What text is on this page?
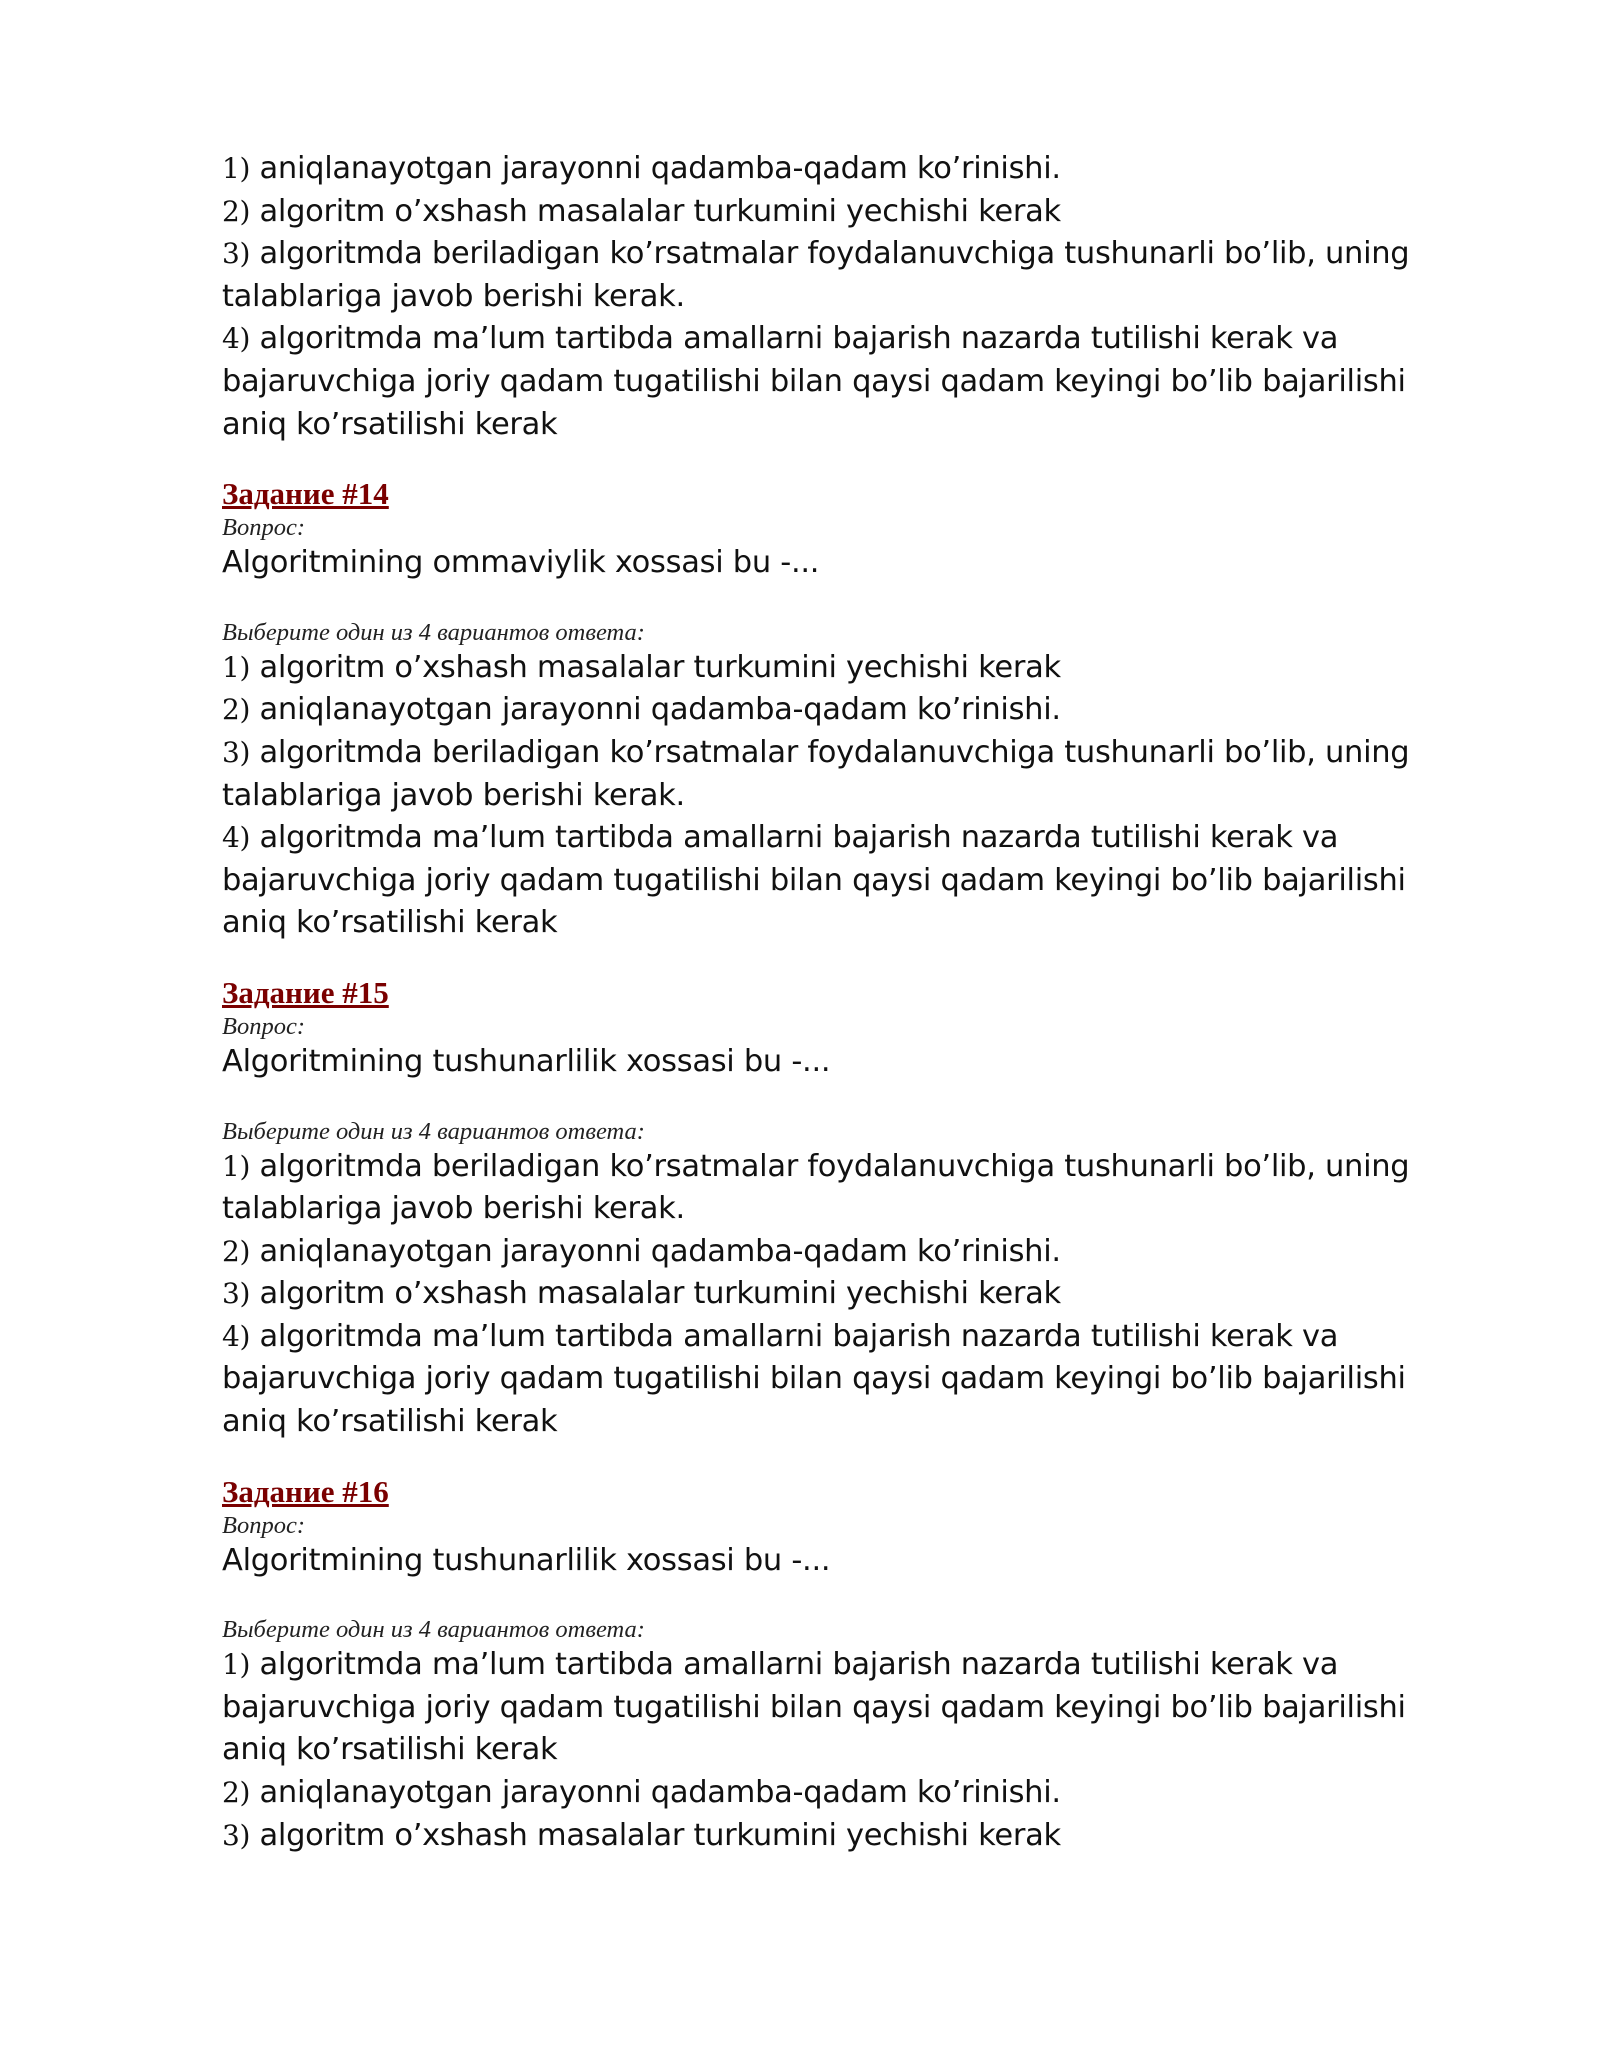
1) aniqlanayotgan jarayonni qadamba-qadam ko’rinishi.

2) algoritm o’xshash masalalar turkumini yechishi kerak

3) algoritmda beriladigan ko’rsatmalar foydalanuvchiga tushunarli bo’lib, uning talablariga javob berishi kerak.

4) algoritmda ma’lum tartibda amallarni bajarish nazarda tutilishi kerak va bajaruvchiga joriy qadam tugatilishi bilan qaysi qadam keyingi bo’lib bajarilishi aniq ko’rsatilishi kerak

Задание #14

Вопрос:

Algoritmining ommaviylik xossasi bu -...

Выберите один из 4 вариантов ответа:

1) algoritm o’xshash masalalar turkumini yechishi kerak

2) aniqlanayotgan jarayonni qadamba-qadam ko’rinishi.

3) algoritmda beriladigan ko’rsatmalar foydalanuvchiga tushunarli bo’lib, uning talablariga javob berishi kerak.

4) algoritmda ma’lum tartibda amallarni bajarish nazarda tutilishi kerak va bajaruvchiga joriy qadam tugatilishi bilan qaysi qadam keyingi bo’lib bajarilishi aniq ko’rsatilishi kerak

Задание #15

Вопрос:

Algoritmining tushunarlilik xossasi bu -...

Выберите один из 4 вариантов ответа:

1) algoritmda beriladigan ko’rsatmalar foydalanuvchiga tushunarli bo’lib, uning talablariga javob berishi kerak.

2) aniqlanayotgan jarayonni qadamba-qadam ko’rinishi.

3) algoritm o’xshash masalalar turkumini yechishi kerak

4) algoritmda ma’lum tartibda amallarni bajarish nazarda tutilishi kerak va bajaruvchiga joriy qadam tugatilishi bilan qaysi qadam keyingi bo’lib bajarilishi aniq ko’rsatilishi kerak

Задание #16

Вопрос:

Algoritmining tushunarlilik xossasi bu -...

Выберите один из 4 вариантов ответа:

1) algoritmda ma’lum tartibda amallarni bajarish nazarda tutilishi kerak va bajaruvchiga joriy qadam tugatilishi bilan qaysi qadam keyingi bo’lib bajarilishi aniq ko’rsatilishi kerak

2) aniqlanayotgan jarayonni qadamba-qadam ko’rinishi.

3) algoritm o’xshash masalalar turkumini yechishi kerak
